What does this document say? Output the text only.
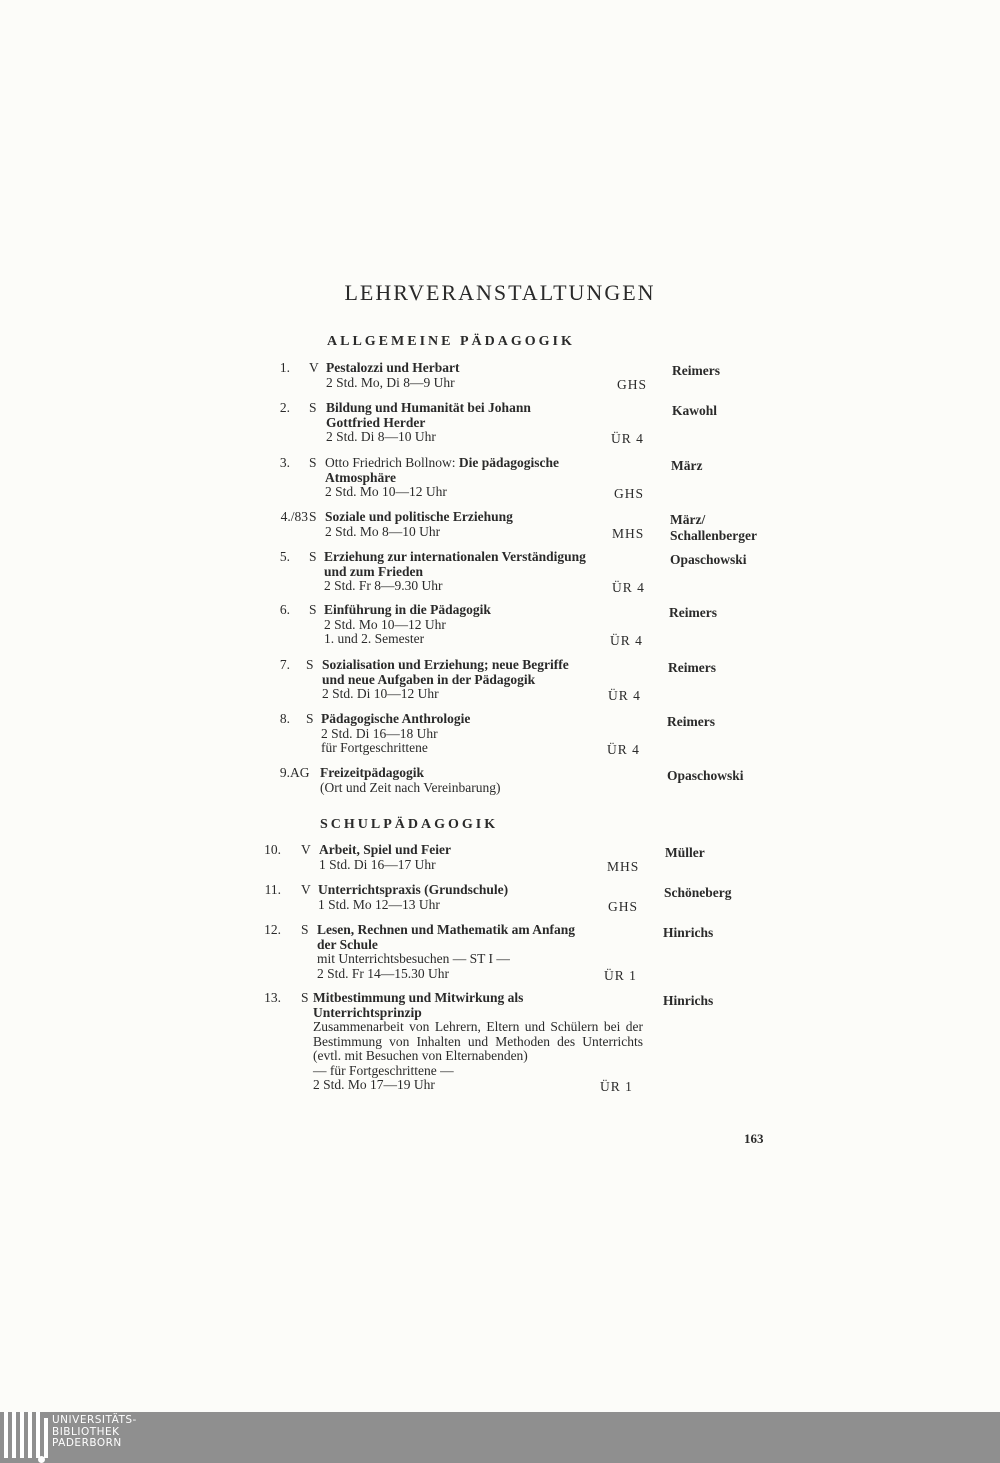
LEHRVERANSTALTUNGEN
ALLGEMEINE PÄDAGOGIK
1. V Pestalozzi und Herbart
2 Std. Mo, Di 8—9 Uhr	GHS
Reimers
2. S Bildung und Humanität bei Johann
Gottfried Herder
2 Std. Di 8—10 Uhr	ÜR 4
Kawohl
3. S Otto Friedrich Bollnow: Die pädagogische
Atmosphäre
2 Std. Mo 10—12 Uhr	GHS
März
4./83 S Soziale und politische Erziehung
2 Std. Mo 8—10 Uhr	MHS
März/
Schallenberger
5. S Erziehung zur internationalen Verständigung
und zum Frieden
2 Std. Fr 8—9.30 Uhr	ÜR 4
Opaschowski
6. S Einführung in die Pädagogik
2 Std. Mo 10—12 Uhr
1. und 2. Semester	ÜR 4
Reimers
7. S Sozialisation und Erziehung; neue Begriffe
und neue Aufgaben in der Pädagogik
2 Std. Di 10—12 Uhr	ÜR 4
Reimers
8. S Pädagogische Anthrologie
2 Std. Di 16—18 Uhr
für Fortgeschrittene	ÜR 4
Reimers
9. AG Freizeitpädagogik
(Ort und Zeit nach Vereinbarung)
Opaschowski
SCHULPÄDAGOGIK
10. V Arbeit, Spiel und Feier
1 Std. Di 16—17 Uhr	MHS
Müller
11. V Unterrichtspraxis (Grundschule)
1 Std. Mo 12—13 Uhr	GHS
Schöneberg
12. S Lesen, Rechnen und Mathematik am Anfang
der Schule
mit Unterrichtsbesuchen — ST I —
2 Std. Fr 14—15.30 Uhr	ÜR 1
Hinrichs
13. S Mitbestimmung und Mitwirkung als
Unterrichtsprinzip
Zusammenarbeit von Lehrern, Eltern und Schülern bei der Bestimmung von Inhalten und Methoden des Unterrichts (evtl. mit Besuchen von Elternabenden)
— für Fortgeschrittene —
2 Std. Mo 17—19 Uhr	ÜR 1
Hinrichs
163
UNIVERSITÄTS-
BIBLIOTHEK
PADERBORN
